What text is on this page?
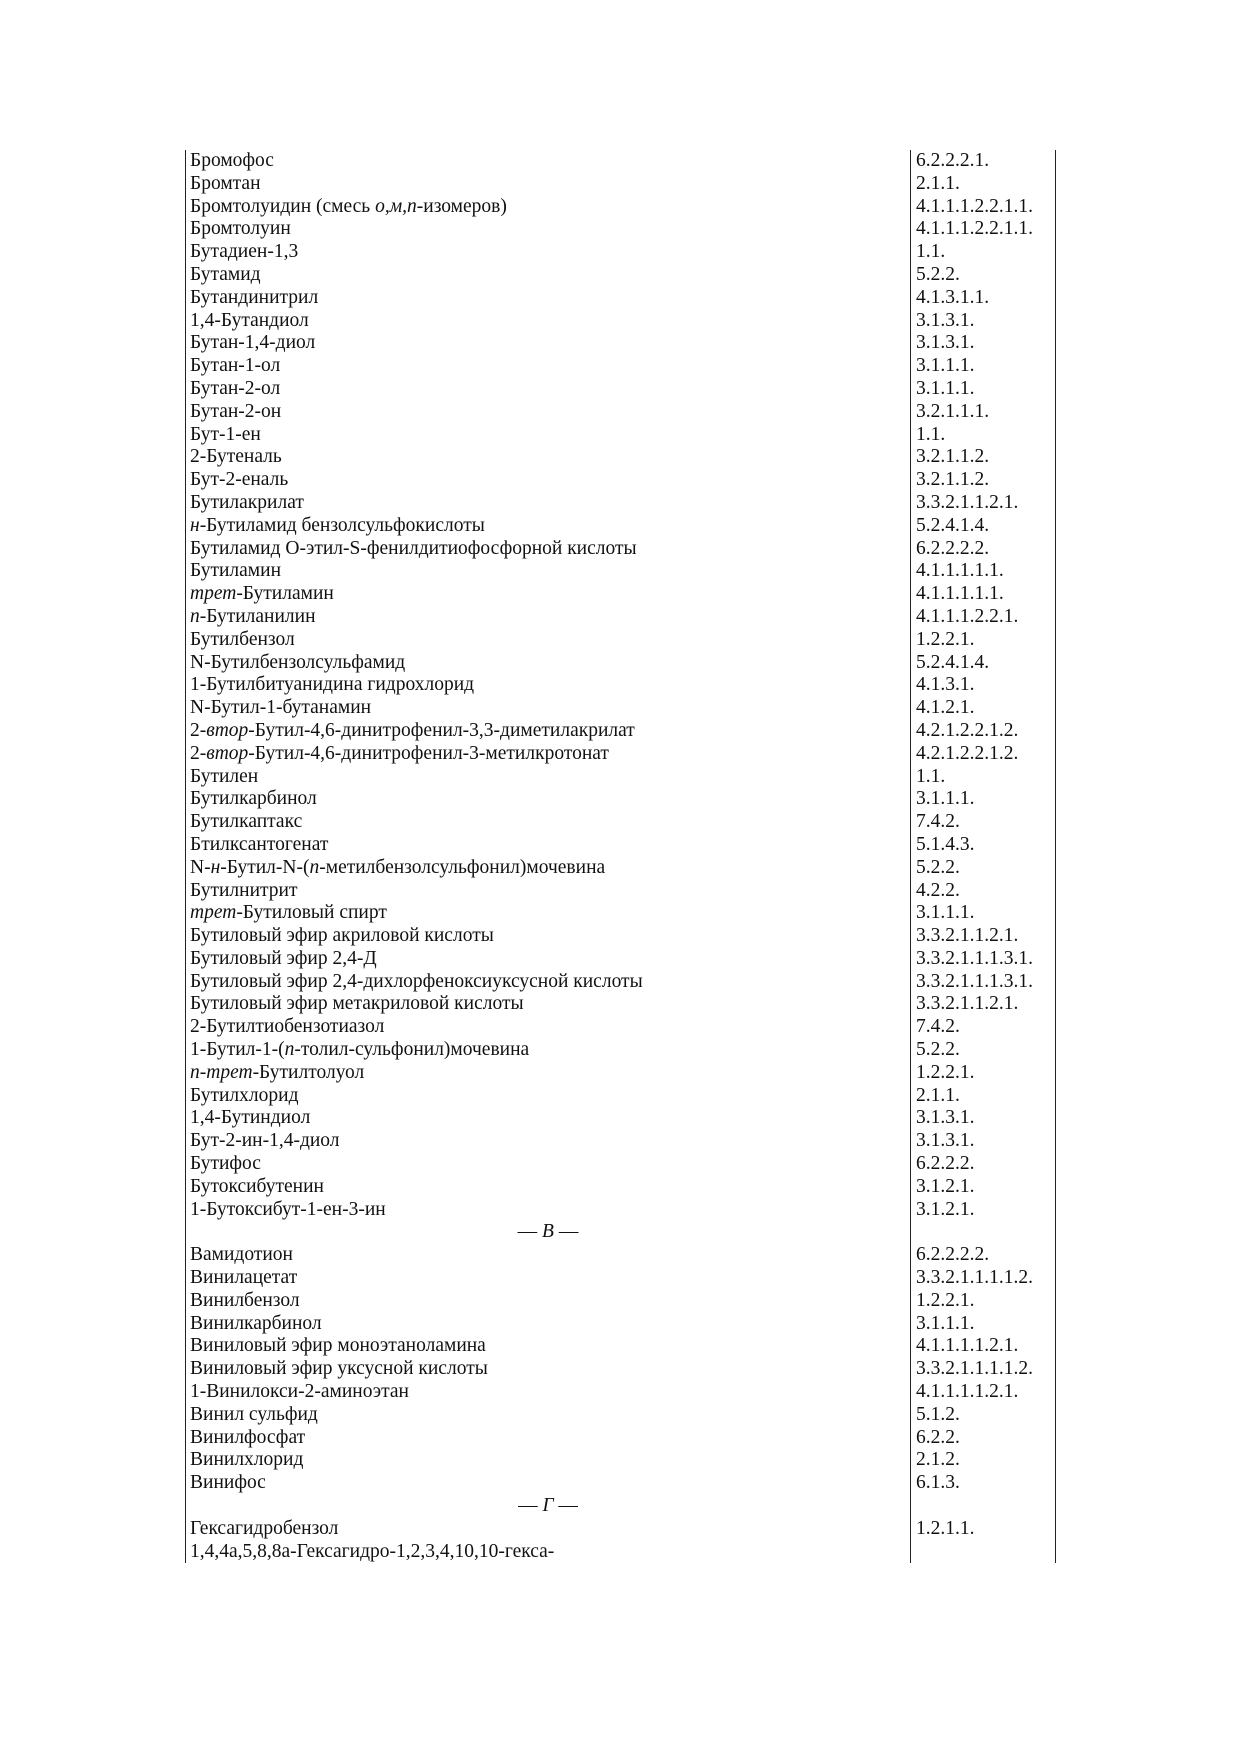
Бромофос	6.2.2.2.1.
Бромтан	2.1.1.
Бромтолуидин (смесь о,м,п-изомеров)	4.1.1.1.2.2.1.1.
Бромтолуин	4.1.1.1.2.2.1.1.
Бутадиен-1,3	1.1.
Бутамид	5.2.2.
Бутандинитрил	4.1.3.1.1.
1,4-Бутандиол	3.1.3.1.
Бутан-1,4-диол	3.1.3.1.
Бутан-1-ол	3.1.1.1.
Бутан-2-ол	3.1.1.1.
Бутан-2-он	3.2.1.1.1.
Бут-1-ен	1.1.
2-Бутеналь	3.2.1.1.2.
Бут-2-еналь	3.2.1.1.2.
Бутилакрилат	3.3.2.1.1.2.1.
н-Бутиламид бензолсульфокислоты	5.2.4.1.4.
Бутиламид О-этил-S-фенилдитиофосфорной кислоты	6.2.2.2.2.
Бутиламин	4.1.1.1.1.1.
трет-Бутиламин	4.1.1.1.1.1.
п-Бутиланилин	4.1.1.1.2.2.1.
Бутилбензол	1.2.2.1.
N-Бутилбензолсульфамид	5.2.4.1.4.
1-Бутилбитуанидина гидрохлорид	4.1.3.1.
N-Бутил-1-бутанамин	4.1.2.1.
2-втор-Бутил-4,6-динитрофенил-3,3-диметилакрилат	4.2.1.2.2.1.2.
2-втор-Бутил-4,6-динитрофенил-3-метилкротонат	4.2.1.2.2.1.2.
Бутилен	1.1.
Бутилкарбинол	3.1.1.1.
Бутилкаптакс	7.4.2.
Бтилксантогенат	5.1.4.3.
N-н-Бутил-N-(п-метилбензолсульфонил)мочевина	5.2.2.
Бутилнитрит	4.2.2.
трет-Бутиловый спирт	3.1.1.1.
Бутиловый эфир акриловой кислоты	3.3.2.1.1.2.1.
Бутиловый эфир 2,4-Д	3.3.2.1.1.1.3.1.
Бутиловый эфир 2,4-дихлорфеноксиуксусной кислоты	3.3.2.1.1.1.3.1.
Бутиловый эфир метакриловой кислоты	3.3.2.1.1.2.1.
2-Бутилтиобензотиазол	7.4.2.
1-Бутил-1-(п-толил-сульфонил)мочевина	5.2.2.
п-трет-Бутилтолуол	1.2.2.1.
Бутилхлорид	2.1.1.
1,4-Бутиндиол	3.1.3.1.
Бут-2-ин-1,4-диол	3.1.3.1.
Бутифос	6.2.2.2.
Бутоксибутенин	3.1.2.1.
1-Бутоксибут-1-ен-3-ин	3.1.2.1.
— В —	
Вамидотион	6.2.2.2.2.
Винилацетат	3.3.2.1.1.1.1.2.
Винилбензол	1.2.2.1.
Винилкарбинол	3.1.1.1.
Виниловый эфир моноэтаноламина	4.1.1.1.1.2.1.
Виниловый эфир уксусной кислоты	3.3.2.1.1.1.1.2.
1-Винилокси-2-аминоэтан	4.1.1.1.1.2.1.
Винил сульфид	5.1.2.
Винилфосфат	6.2.2.
Винилхлорид	2.1.2.
Винифос	6.1.3.
— Г —	
Гексагидробензол	1.2.1.1.
1,4,4а,5,8,8а-Гексагидро-1,2,3,4,10,10-гекса-	
